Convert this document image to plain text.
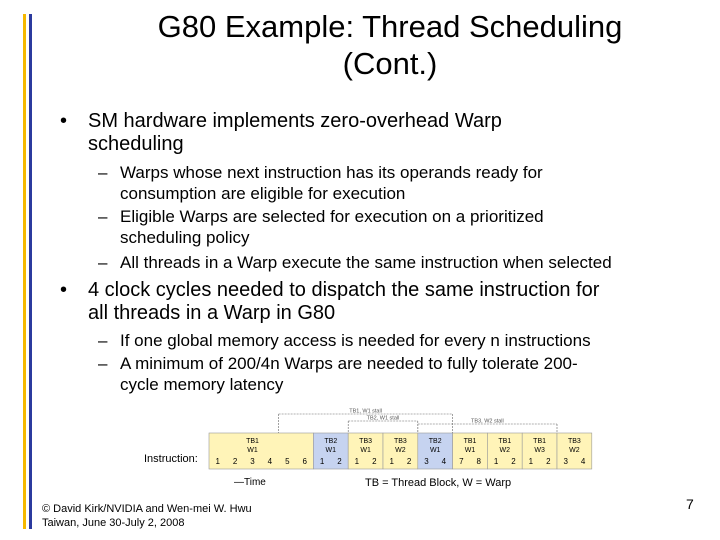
G80 Example: Thread Scheduling
(Cont.)
• SM hardware implements zero-overhead Warp
scheduling
– Warps whose next instruction has its operands ready for
consumption are eligible for execution
– Eligible Warps are selected for execution on a prioritized
scheduling policy
– All threads in a Warp execute the same instruction when selected
• 4 clock cycles needed to dispatch the same instruction for
all threads in a Warp in G80
– If one global memory access is needed for every n instructions
– A minimum of 200/4n Warps are needed to fully tolerate 200-
cycle memory latency
TB1
W1
1 2 3 4 5 6
TB2
W1
1 2
TB3
W1
1 2
TB3
W2
1 2
TB2
W1
3 4
TB1
W1
7 8
TB1
W2
1 2
TB1
W3
1 2
TB3
W2
3 4
TB1, W1 stall
TB2, W1 stall	TB3, W2 stall
Instruction:
—Time	TB = Thread Block, W = Warp
© David Kirk/NVIDIA and Wen-mei W. Hwu
Taiwan, June 30-July 2, 2008
7
